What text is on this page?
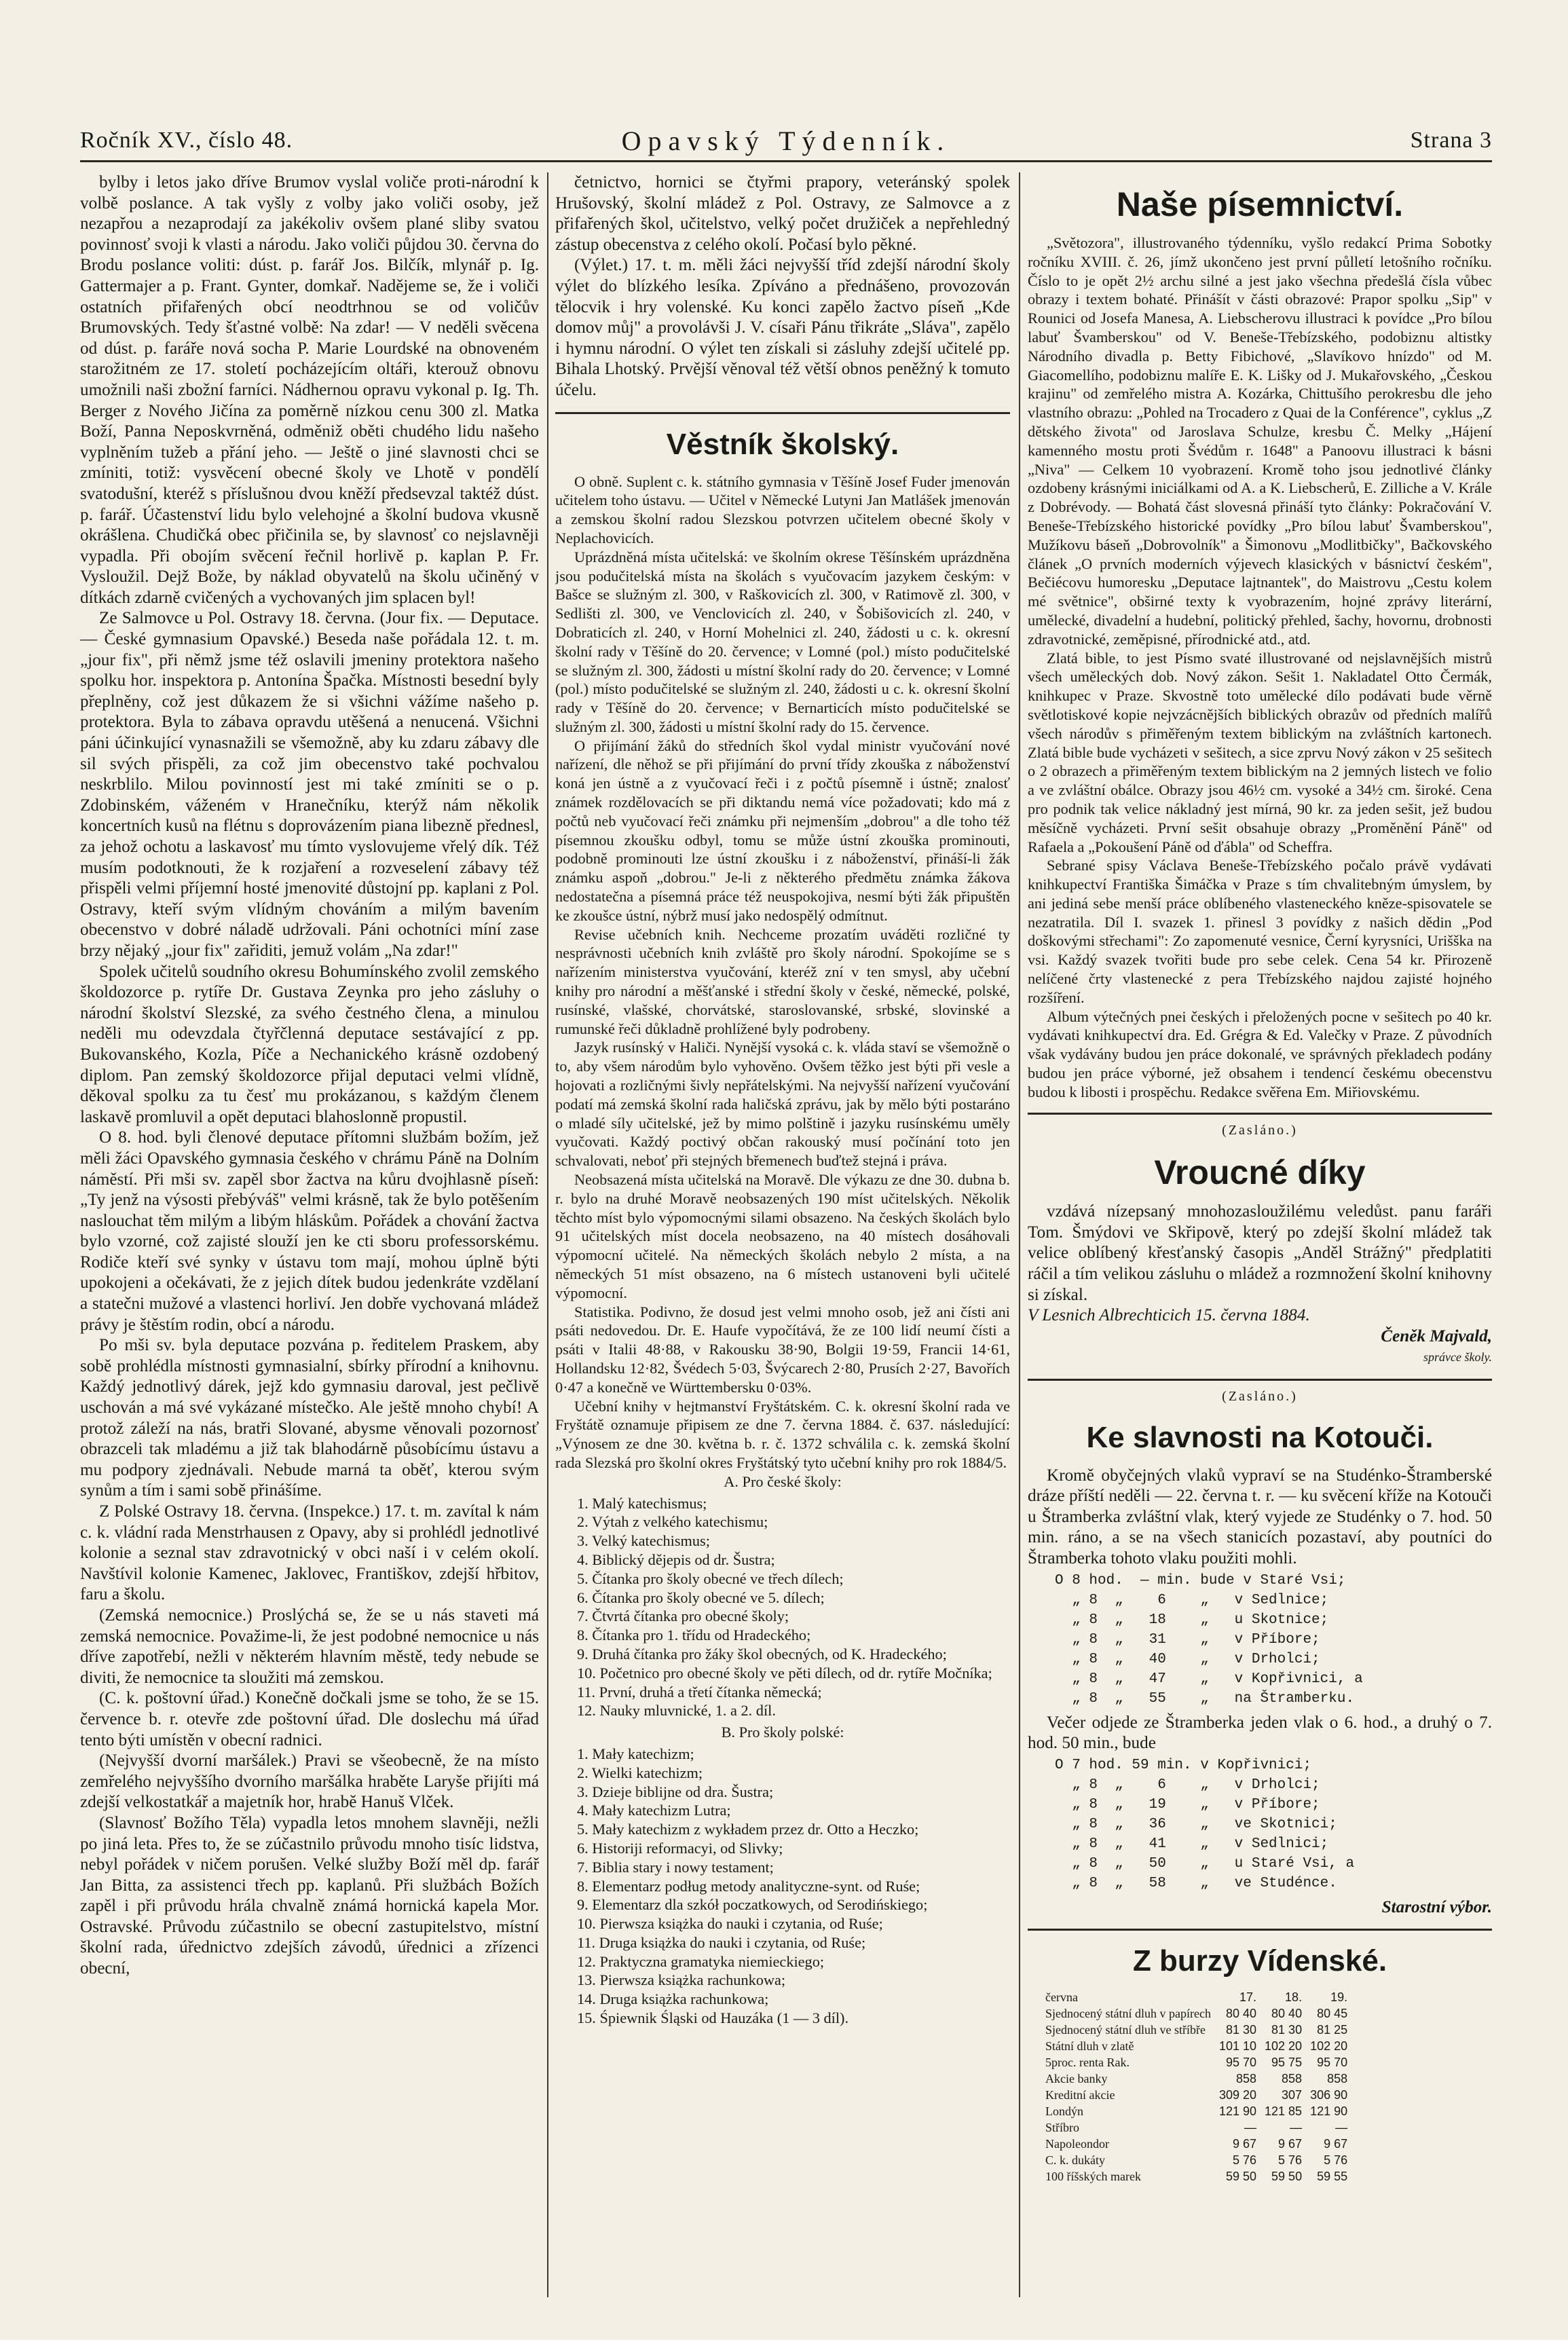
Ročník XV., číslo 48.	Opavský Týdenník.	Strana 3

bylby i letos jako dříve Brumov vyslal voliče proti-národní k volbě poslance. A tak vyšly z volby jako voliči osoby, jež nezapřou a nezaprodají za jakékoliv ovšem plané sliby svatou povinnosť svoji k vlasti a národu. Jako voliči půjdou 30. června do Brodu poslance voliti: dúst. p. farář Jos. Bilčík, mlynář p. Ig. Gattermajer a p. Frant. Gynter, domkař. Nadějeme se, že i voliči ostatních přifařených obcí neodtrhnou se od voličův Brumovských. Tedy šťastné volbě: Na zdar! — V neděli svěcena od dúst. p. faráře nová socha P. Marie Lourdské na obnoveném starožitném ze 17. století pocházejícím oltáři, kterouž obnovu umožnili naši zbožní farníci. Nádhernou opravu vykonal p. Ig. Th. Berger z Nového Jičína za poměrně nízkou cenu 300 zl. Matka Boží, Panna Neposkvrněná, odměniž oběti chudého lidu našeho vyplněním tužeb a přání jeho. — Ještě o jiné slavnosti chci se zmíniti, totiž: vysvěcení obecné školy ve Lhotě v pondělí svatodušní, kteréž s příslušnou dvou kněží předsevzal taktéž dúst. p. farář. Účastenství lidu bylo velehojné a školní budova vkusně okrášlena. Chudičká obec přičinila se, by slavnosť co nejslavněji vypadla. Při obojím svěcení řečnil horlivě p. kaplan P. Fr. Vysloužil. Dejž Bože, by náklad obyvatelů na školu učiněný v dítkách zdarně cvičených a vychovaných jim splacen byl!

Ze Salmovce u Pol. Ostravy 18. června. (Jour fix. — Deputace. — České gymnasium Opavské.) Beseda naše pořádala 12. t. m. „jour fix", při němž jsme též oslavili jmeniny protektora našeho spolku hor. inspektora p. Antonína Špačka. Místnosti besední byly přeplněny, což jest důkazem že si všichni vážíme našeho p. protektora. Byla to zábava opravdu utěšená a nenucená. Všichni páni účinkující vynasnažili se všemožně, aby ku zdaru zábavy dle sil svých přispěli, za což jim obecenstvo také pochvalou neskrblilo. Milou povinností jest mi také zmíniti se o p. Zdobinském, váženém v Hranečníku, kterýž nám několik koncertních kusů na flétnu s doprovázením piana libezně přednesl, za jehož ochotu a laskavosť mu tímto vyslovujeme vřelý dík. Též musím podotknouti, že k rozjaření a rozveselení zábavy též přispěli velmi příjemní hosté jmenovité důstojní pp. kaplani z Pol. Ostravy, kteří svým vlídným chováním a milým bavením obecenstvo v dobré náladě udržovali. Páni ochotníci míní zase brzy nějaký „jour fix" zařiditi, jemuž volám „Na zdar!"

Spolek učitelů soudního okresu Bohumínského zvolil zemského školdozorce p. rytíře Dr. Gustava Zeynka pro jeho zásluhy o národní školství Slezské, za svého čestného člena, a minulou neděli mu odevzdala čtyřčlenná deputace sestávající z pp. Bukovanského, Kozla, Píče a Nechanického krásně ozdobený diplom. Pan zemský školdozorce přijal deputaci velmi vlídně, děkoval spolku za tu česť mu prokázanou, s každým členem laskavě promluvil a opět deputaci blahoslonně propustil.

O 8. hod. byli členové deputace přítomni službám božím, jež měli žáci Opavského gymnasia českého v chrámu Páně na Dolním náměstí. Při mši sv. zapěl sbor žactva na kůru dvojhlasně píseň: „Ty jenž na výsosti přebýváš" velmi krásně, tak že bylo potěšením naslouchat těm milým a libým hláskům. Pořádek a chování žactva bylo vzorné, což zajisté slouží jen ke cti sboru professorskému. Rodiče kteří své synky v ústavu tom mají, mohou úplně býti upokojeni a očekávati, že z jejich dítek budou jedenkráte vzdělaní a statečni mužové a vlastenci horliví. Jen dobře vychovaná mládež právy je štěstím rodin, obcí a národu.

Po mši sv. byla deputace pozvána p. ředitelem Praskem, aby sobě prohlédla místnosti gymnasialní, sbírky přírodní a knihovnu. Každý jednotlivý dárek, jejž kdo gymnasiu daroval, jest pečlivě uschován a má své vykázané místečko. Ale ještě mnoho chybí! A protož záleží na nás, bratři Slované, abysme věnovali pozornosť obrazceli tak mladému a již tak blahodárně působícímu ústavu a mu podpory zjednávali. Nebude marná ta oběť, kterou svým synům a tím i sami sobě přinášíme.

Z Polské Ostravy 18. června. (Inspekce.) 17. t. m. zavítal k nám c. k. vládní rada Menstrhausen z Opavy, aby si prohlédl jednotlivé kolonie a seznal stav zdravotnický v obci naší i v celém okolí. Navštívil kolonie Kamenec, Jaklovec, Františkov, zdejší hřbitov, faru a školu.

(Zemská nemocnice.) Proslýchá se, že se u nás staveti má zemská nemocnice. Považime-li, že jest podobné nemocnice u nás dříve zapotřebí, nežli v některém hlavním městě, tedy nebude se diviti, že nemocnice ta sloužiti má zemskou.

(C. k. poštovní úřad.) Konečně dočkali jsme se toho, že se 15. července b. r. otevře zde poštovní úřad. Dle doslechu má úřad tento býti umístěn v obecní radnici.

(Nejvyšší dvorní maršálek.) Pravi se všeobecně, že na místo zemřelého nejvyššího dvorního maršálka hraběte Laryše přijíti má zdejší velkostatkář a majetník hor, hrabě Hanuš Vlček.

(Slavnosť Božího Těla) vypadla letos mnohem slavněji, nežli po jiná leta. Přes to, že se zúčastnilo průvodu mnoho tisíc lidstva, nebyl pořádek v ničem porušen. Velké služby Boží měl dp. farář Jan Bitta, za assistenci třech pp. kaplanů. Při službách Božích zapěl i při průvodu hrála chvalně známá hornická kapela Mor. Ostravské. Průvodu zúčastnilo se obecní zastupitelstvo, místní školní rada, úřednictvo zdejších závodů, úřednici a zřízenci obecní,

četnictvo, hornici se čtyřmi prapory, veteránský spolek Hrušovský, školní mládež z Pol. Ostravy, ze Salmovce a z přifařených škol, učitelstvo, velký počet družiček a nepřehledný zástup obecenstva z celého okolí. Počasí bylo pěkné.

(Výlet.) 17. t. m. měli žáci nejvyšší tříd zdejší národní školy výlet do blízkého lesíka. Zpíváno a přednášeno, provozován tělocvik i hry volenské. Ku konci zapělo žactvo píseň „Kde domov můj" a provolávši J. V. císaři Pánu třikráte „Sláva", zapělo i hymnu národní. O výlet ten získali si zásluhy zdejší učitelé pp. Bihala Lhotský. Prvější věnoval též větší obnos peněžný k tomuto účelu.

Věstník školský.

O obně. Suplent c. k. státního gymnasia v Těšíně Josef Fuder jmenován učitelem toho ústavu. — Učitel v Německé Lutyni Jan Matlášek jmenován a zemskou školní radou Slezskou potvrzen učitelem obecné školy v Neplachovicích.

Uprázdněná místa učitelská: ve školním okrese Těšínském uprázdněna jsou podučitelská místa na školách s vyučovacím jazykem českým: v Bašce se služným zl. 300, v Raškovicích zl. 300, v Ratimově zl. 300, v Sedlišti zl. 300, ve Venclovicích zl. 240, v Šobišovicích zl. 240, v Dobraticích zl. 240, v Horní Mohelnici zl. 240, žádosti u c. k. okresní školní rady v Těšíně do 20. července; v Lomné (pol.) místo podučitelské se služným zl. 300, žádosti u místní školní rady do 20. července; v Lomné (pol.) místo podučitelské se služným zl. 240, žádosti u c. k. okresní školní rady v Těšíně do 20. července; v Bernarticích místo podučitelské se služným zl. 300, žádosti u místní školní rady do 15. července.

O přijímání žáků do středních škol vydal ministr vyučování nové nařízení, dle něhož se při přijímání do první třídy zkouška z náboženství koná jen ústně a z vyučovací řeči i z počtů písemně i ústně; znalosť známek rozdělovacích se při diktandu nemá více požadovati; kdo má z počtů neb vyučovací řeči známku při nejmenším „dobrou" a dle toho též písemnou zkoušku odbyl, tomu se může ústní zkouška prominouti, podobně prominouti lze ústní zkoušku i z náboženství, přináší-li žák známku aspoň „dobrou." Je-li z některého předmětu známka žákova nedostatečna a písemná práce též neuspokojiva, nesmí býti žák připuštěn ke zkoušce ústní, nýbrž musí jako nedospělý odmítnut.

Revise učebních knih. Nechceme prozatím uváděti rozličné ty nesprávnosti učebních knih zvláště pro školy národní. Spokojíme se s nařízením ministerstva vyučování, kteréž zní v ten smysl, aby učební knihy pro národní a měšťanské i střední školy v české, německé, polské, rusínské, vlašské, chorvátské, staroslovanské, srbské, slovinské a rumunské řeči důkladně prohlížené byly podrobeny.

Jazyk rusínský v Haliči. Nynější vysoká c. k. vláda staví se všemožně o to, aby všem národům bylo vyhověno. Ovšem těžko jest býti při vesle a hojovati a rozličnými šivly nepřátelskými. Na nejvyšší nařízení vyučování podatí má zemská školní rada haličská zprávu, jak by mělo býti postaráno o mladé síly učitelské, jež by mimo polštině i jazyku rusínskému uměly vyučovati. Každý poctivý občan rakouský musí počínání toto jen schvalovati, neboť při stejných břemenech buďtež stejná i práva.

Neobsazená místa učitelská na Moravě. Dle výkazu ze dne 30. dubna b. r. bylo na druhé Moravě neobsazených 190 míst učitelských. Několik těchto míst bylo výpomocnými silami obsazeno. Na českých školách bylo 91 učitelských míst docela neobsazeno, na 40 místech dosáhovali výpomocní učitelé. Na německých školách nebylo 2 místa, a na německých 51 míst obsazeno, na 6 místech ustanoveni byli učitelé výpomocní.

Statistika. Podivno, že dosud jest velmi mnoho osob, jež ani čísti ani psáti nedovedou. Dr. E. Haufe vypočítává, že ze 100 lidí neumí čísti a psáti v Italii 48·88, v Rakousku 38·90, Bolgii 19·59, Francii 14·61, Hollandsku 12·82, Švédech 5·03, Švýcarech 2·80, Prusích 2·27, Bavořích 0·47 a konečně ve Württembersku 0·03%.

Učební knihy v hejtmanství Fryštátském. C. k. okresní školní rada ve Fryštátě oznamuje připisem ze dne 7. června 1884. č. 637. následující: „Výnosem ze dne 30. května b. r. č. 1372 schválila c. k. zemská školní rada Slezská pro školní okres Fryštátský tyto učební knihy pro rok 1884/5.

A. Pro české školy:

1. Malý katechismus;
2. Výtah z velkého katechismu;
3. Velký katechismus;
4. Biblický dějepis od dr. Šustra;
5. Čítanka pro školy obecné ve třech dílech;
6. Čítanka pro školy obecné ve 5. dílech;
7. Čtvrtá čítanka pro obecné školy;
8. Čítanka pro 1. třídu od Hradeckého;
9. Druhá čítanka pro žáky škol obecných, od K. Hradeckého;
10. Početnico pro obecné školy ve pěti dílech, od dr. rytíře Močníka;
11. První, druhá a třetí čítanka německá;
12. Nauky mluvnické, 1. a 2. díl.

B. Pro školy polské:

1. Mały katechizm;
2. Wielki katechizm;
3. Dzieje biblijne od dra. Šustra;
4. Mały katechizm Lutra;
5. Mały katechizm z wykładem przez dr. Otto a Heczko;
6. Historiji reformacyi, od Slivky;
7. Biblia stary i nowy testament;
8. Elementarz podług metody analityczne-synt. od Ruśe;
9. Elementarz dla szkół poczatkowych, od Serodińskiego;
10. Pierwsza książka do nauki i czytania, od Ruśe;
11. Druga książka do nauki i czytania, od Ruśe;
12. Praktyczna gramatyka niemieckiego;
13. Pierwsza książka rachunkowa;
14. Druga książka rachunkowa;
15. Śpiewnik Śląski od Hauzáka (1 — 3 díl).

Naše písemnictví.

„Světozora", illustrovaného týdenníku, vyšlo redakcí Prima Sobotky ročníku XVIII. č. 26, jímž ukončeno jest první půlletí letošního ročníku. Číslo to je opět 2½ archu silné a jest jako všechna předešlá čísla vůbec obrazy i textem bohaté. Přinášít v části obrazové: Prapor spolku „Sip" v Rounici od Josefa Manesa, A. Liebscherovu illustraci k povídce „Pro bílou labuť Švamberskou" od V. Beneše-Třebízského, podobiznu altistky Národního divadla p. Betty Fibichové, „Slavíkovo hnízdo" od M. Giacomellího, podobiznu malíře E. K. Lišky od J. Mukařovského, „Českou krajinu" od zemřelého mistra A. Kozárka, Chittušího perokresbu dle jeho vlastního obrazu: „Pohled na Trocadero z Quai de la Conférence", cyklus „Z dětského života" od Jaroslava Schulze, kresbu Č. Melky „Hájení kamenného mostu proti Švédům r. 1648" a Panoovu illustraci k básni „Niva" — Celkem 10 vyobrazení. Kromě toho jsou jednotlivé články ozdobeny krásnými iniciálkami od A. a K. Liebscherů, E. Zilliche a V. Krále z Dobrévody. — Bohatá část slovesná přináší tyto články: Pokračování V. Beneše-Třebízského historické povídky „Pro bílou labuť Švamberskou", Mužíkovu báseň „Dobrovolník" a Šimonovu „Modlitbičky", Bačkovského článek „O prvních moderních výjevech klasických v básnictví českém", Bečiécovu humoresku „Deputace lajtnantek", do Maistrovu „Cestu kolem mé světnice", obširné texty k vyobrazením, hojné zprávy literární, umělecké, divadelní a hudební, politický přehled, šachy, hovornu, drobnosti zdravotnické, zeměpisné, přírodnické atd., atd.

Zlatá bible, to jest Písmo svaté illustrované od nejslavnějších mistrů všech uměleckých dob. Nový zákon. Sešit 1. Nakladatel Otto Čermák, knihkupec v Praze. Skvostně toto umělecké dílo podávati bude věrně světlotiskové kopie nejvzácnějších biblických obrazův od předních malířů všech národův s přiměřeným textem biblickým na zvláštních kartonech. Zlatá bible bude vycházeti v sešitech, a sice zprvu Nový zákon v 25 sešitech o 2 obrazech a přiměřeným textem biblickým na 2 jemných listech ve folio a ve zvláštní obálce. Obrazy jsou 46½ cm. vysoké a 34½ cm. široké. Cena pro podnik tak velice nákladný jest mírná, 90 kr. za jeden sešit, jež budou měsíčně vycházeti. První sešit obsahuje obrazy „Proměnění Páně" od Rafaela a „Pokoušení Páně od ďábla" od Scheffra.

Sebrané spisy Václava Beneše-Třebízského počalo právě vydávati knihkupectví Františka Šimáčka v Praze s tím chvalitebným úmyslem, by ani jediná sebe menší práce oblíbeného vlasteneckého kněze-spisovatele se nezatratila. Díl I. svazek 1. přinesl 3 povídky z našich dědin „Pod doškovými střechami": Zo zapomenuté vesnice, Černí kyrysníci, Urišška na vsi. Každý svazek tvořiti bude pro sebe celek. Cena 54 kr. Přirozeně nelíčené črty vlastenecké z pera Třebízského najdou zajisté hojného rozšíření.

Album výtečných pnei českých i přeložených pocne v sešitech po 40 kr. vydávati knihkupectví dra. Ed. Grégra & Ed. Valečky v Praze. Z původních však vydávány budou jen práce dokonalé, ve správných překladech podány budou jen práce výborné, jež obsahem i tendencí českému obecenstvu budou k libosti i prospěchu. Redakce svěřena Em. Miřiovskému.

(Zasláno.)

Vroucné díky

vzdává nízepsaný mnohozasloužilému veledůst. panu faráři Tom. Šmýdovi ve Skřipově, který po zdejší školní mládež tak velice oblíbený křesťanský časopis „Anděl Strážný" předplatiti ráčil a tím velikou zásluhu o mládež a rozmnožení školní knihovny si získal.

V Lesnich Albrechticich 15. června 1884.

Čeněk Majvald,

správce školy.

(Zasláno.)

Ke slavnosti na Kotouči.

Kromě obyčejných vlaků vypraví se na Studénko-Štramberské dráze příští neděli — 22. června t. r. — ku svěcení kříže na Kotouči u Štramberka zvláštní vlak, který vyjede ze Studénky o 7. hod. 50 min. ráno, a se na všech stanicích pozastaví, aby poutníci do Štramberka tohoto vlaku použiti mohli.

O 8 hod.  — min. bude v Staré Vsi;
„ 8  „    6    „   v Sedlnice;
„ 8  „   18    „   u Skotnice;
„ 8  „   31    „   v Příbore;
„ 8  „   40    „   v Drholci;
„ 8  „   47    „   v Kopřivnici, a
„ 8  „   55    „   na Štramberku.

Večer odjede ze Štramberka jeden vlak o 6. hod., a druhý o 7. hod. 50 min., bude

O 7 hod. 59 min. v Kopřivnici;
„ 8  „    6    „   v Drholci;
„ 8  „   19    „   v Příbore;
„ 8  „   36    „   ve Skotnici;
„ 8  „   41    „   v Sedlnici;
„ 8  „   50    „   u Staré Vsi, a
„ 8  „   58    „   ve Studénce.

Starostní výbor.

Z burzy Vídenské.

června	17.	18.	19.
Sjednocený státní dluh v papírech	80 40	80 40	80 45
Sjednocený státní dluh ve stříbře	81 30	81 30	81 25
Státní dluh v zlatě	101 10	102 20	102 20
5proc. renta Rak.	95 70	95 75	95 70
Akcie banky	858	858	858
Kreditní akcie	309 20	307	306 90
Londýn	121 90	121 85	121 90
Stříbro	—	—	—
Napoleondor	9 67	9 67	9 67
C. k. dukáty	5 76	5 76	5 76
100 říšských marek	59 50	59 50	59 55
